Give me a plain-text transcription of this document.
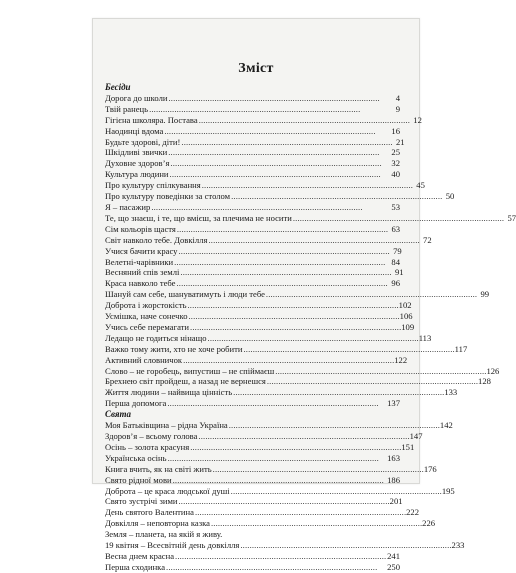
Зміст
Бесіди
Дорога до школи . . .	4
Твій ранець . . .	9
Гігієна школяра. Постава . . .	12
Наодинці вдома . . .	16
Будьте здорові, діти! . . .	21
Шкідливі звички . . .	25
Духовне здоров’я . . .	32
Культура людини . . .	40
Про культуру спілкування . . .	45
Про культуру поведінки за столом . . .	50
Я – пасажир . . .	53
Те, що знаєш, і те, що вмієш, за плечима не носити . . .	57
Сім кольорів щастя . . .	63
Світ навколо тебе. Довкілля . . .	72
Учися бачити красу . . .	79
Велетні-чарівники . . .	84
Весняний спів землі . . .	91
Краса навколо тебе . . .	96
Шануй сам себе, шануватимуть і люди тебе . . .	99
Доброта і жорстокість . . .	102
Усмішка, наче сонечко . . .	106
Учись себе перемагати . . .	109
Ледащо не годиться нінащо . . .	113
Важко тому жити, хто не хоче робити . . .	117
Активний словничок . . .	122
Слово – не горобець, випустиш – не спіймаєш . . .	126
Брехнею світ пройдеш, а назад не вернешся . . .	128
Життя людини – найвища цінність . . .	133
Перша допомога . . .	137
Свята
Моя Батьківщина – рідна Україна . . .	142
Здоров’я – всьому голова . . .	147
Осінь – золота красуня . . .	151
Українська осінь . . .	163
Книга вчить, як на світі жить . . .	176
Свято рідної мови . . .	186
Доброта – це краса людської душі . . .	195
Свято зустрічі зими . . .	201
День святого Валентина . . .	222
Довкілля – неповторна казка . . .	226
Земля – планета, на якій я живу.
19 квітня – Всесвітній день довкілля . . .	233
Весна днем красна . . .	241
Перша сходинка . . .	250
